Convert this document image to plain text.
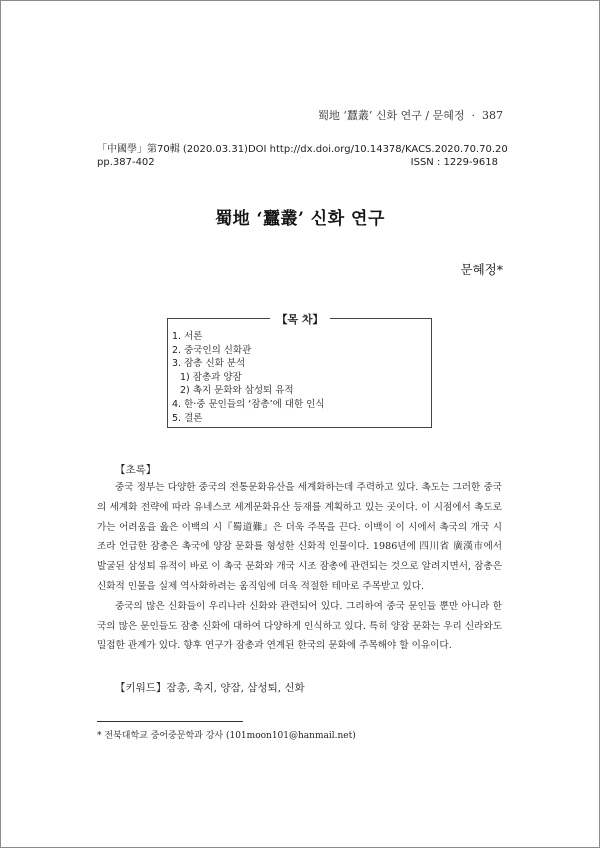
蜀地 ‘蠶叢’ 신화 연구 / 문혜정 · 387
「中國學」第70輯 (2020.03.31) DOI http://dx.doi.org/10.14378/KACS.2020.70.70.20
pp.387-402	ISSN : 1229-9618
蜀地 ‘蠶叢’ 신화 연구
문혜정*
【목 차】
1. 서론
2. 중국인의 신화관
3. 잠총 신화 분석
1) 잠총과 양잠
2) 촉지 문화와 삼성퇴 유적
4. 한·중 문인들의 ‘잠총’에 대한 인식
5. 결론
【초록】

중국 정부는 다양한 중국의 전통문화유산을 세계화하는데 주력하고 있다. 촉도는 그러한 중국의 세계화 전략에 따라 유네스코 세계문화유산 등재를 계획하고 있는 곳이다. 이 시점에서 촉도로 가는 어려움을 읊은 이백의 시『蜀道難』은 더욱 주목을 끈다. 이백이 이 시에서 촉국의 개국 시조라 언급한 잠총은 촉국에 양잠 문화를 형성한 신화적 인물이다. 1986년에 四川省 廣漢市에서 발굴된 삼성퇴 유적이 바로 이 촉국 문화와 개국 시조 잠총에 관련되는 것으로 알려지면서, 잠총은 신화적 인물을 실제 역사화하려는 움직임에 더욱 적절한 테마로 주목받고 있다.

중국의 많은 신화들이 우리나라 신화와 관련되어 있다. 그리하여 중국 문인들 뿐만 아니라 한국의 많은 문인들도 잠총 신화에 대하여 다양하게 인식하고 있다. 특히 양잠 문화는 우리 신라와도 밀접한 관계가 있다. 향후 연구가 잠총과 연계된 한국의 문화에 주목해야 할 이유이다.

【키워드】잠총, 촉지, 양잠, 삼성퇴, 신화
* 전북대학교 중어중문학과 강사 (101moon101@hanmail.net)
